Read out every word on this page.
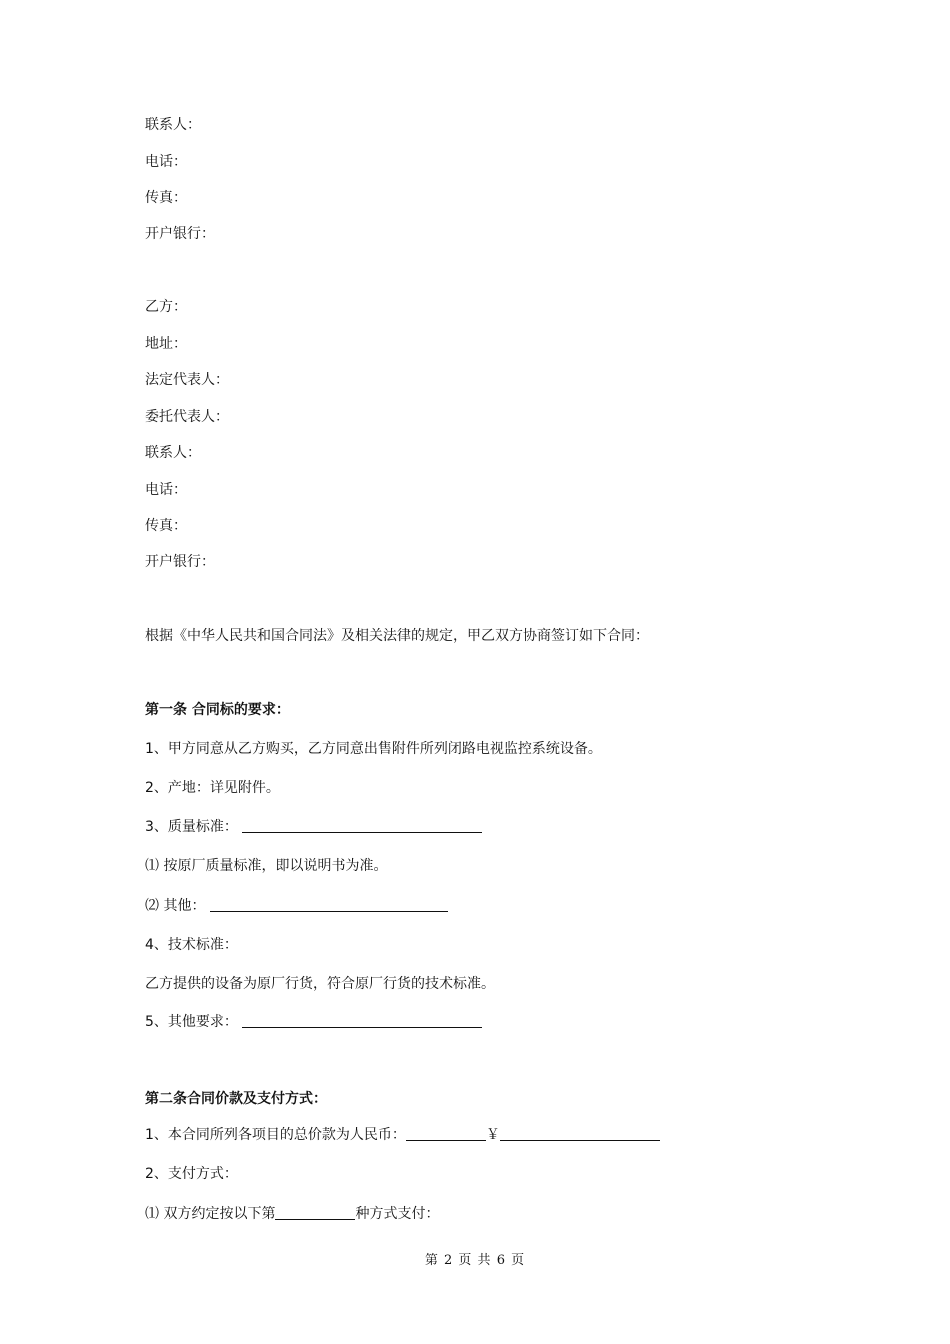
联系人：
电话：
传真：
开户银行：
乙方：
地址：
法定代表人：
委托代表人：
联系人：
电话：
传真：
开户银行：
根据《中华人民共和国合同法》及相关法律的规定，甲乙双方协商签订如下合同：
第一条 合同标的要求：
1、甲方同意从乙方购买，乙方同意出售附件所列闭路电视监控系统设备。
2、产地：详见附件。
3、质量标准：
⑴ 按原厂质量标准，即以说明书为准。
⑵ 其他：
4、技术标准：
乙方提供的设备为原厂行货，符合原厂行货的技术标准。
5、其他要求：
第二条合同价款及支付方式：
1、本合同所列各项目的总价款为人民币：	￥
2、支付方式：
⑴ 双方约定按以下第	种方式支付：
第 2 页 共 6 页
